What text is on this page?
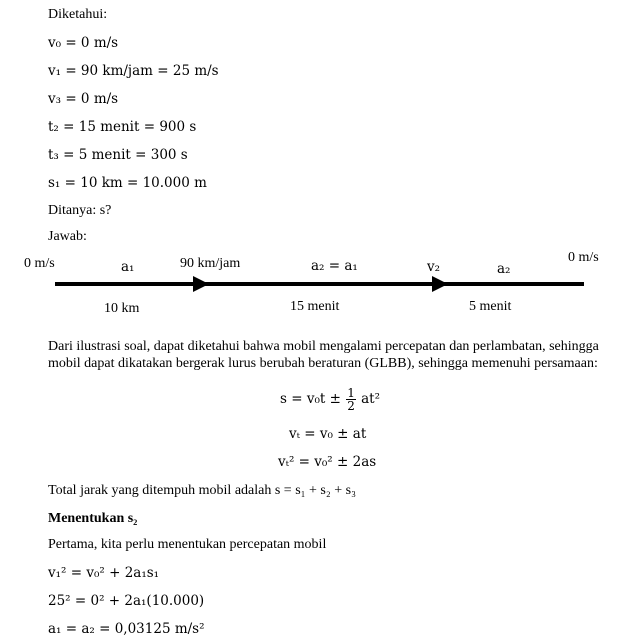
Diketahui:
v₀ = 0 m/s
v₁ = 90 km/jam = 25 m/s
v₃ = 0 m/s
t₂ = 15 menit = 900 s
t₃ = 5 menit = 300 s
s₁ = 10 km = 10.000 m
Ditanya: s?
Jawab:
0 m/s	a₁	90 km/jam	a₂ = a₁	v₂	a₂
0 m/s
10 km	15 menit	5 menit
Dari ilustrasi soal, dapat diketahui bahwa mobil mengalami percepatan dan perlambatan, sehingga
mobil dapat dikatakan bergerak lurus berubah beraturan (GLBB), sehingga memenuhi persamaan:
$s = v_0t \pm \frac{1}{2} at^2$
vₜ = v₀ ± at
vₜ² = v₀² ± 2as
Total jarak yang ditempuh mobil adalah s = s₁ + s₂ + s₃
Menentukan s₂
Pertama, kita perlu menentukan percepatan mobil
v₁² = v₀² + 2a₁s₁
25² = 0² + 2a₁(10.000)
a₁ = a₂ = 0,03125 m/s²
